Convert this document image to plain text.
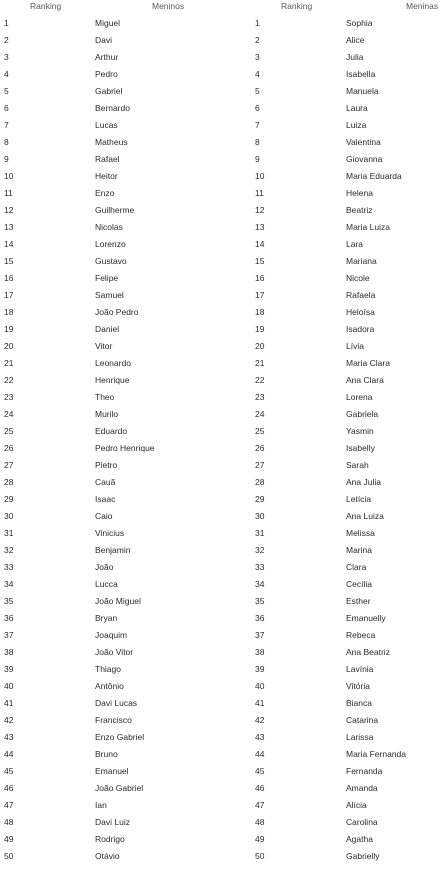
Ranking	Meninos	Ranking	Meninas
1	Miguel	1	Sophia
2	Davi	2	Alice
3	Arthur	3	Julia
4	Pedro	4	Isabella
5	Gabriel	5	Manuela
6	Bernardo	6	Laura
7	Lucas	7	Luiza
8	Matheus	8	Valentina
9	Rafael	9	Giovanna
10	Heitor	10	Maria Eduarda
11	Enzo	11	Helena
12	Guilherme	12	Beatriz
13	Nicolas	13	Maria Luiza
14	Lorenzo	14	Lara
15	Gustavo	15	Mariana
16	Felipe	16	Nicole
17	Samuel	17	Rafaela
18	João Pedro	18	Heloísa
19	Daniel	19	Isadora
20	Vitor	20	Lívia
21	Leonardo	21	Maria Clara
22	Henrique	22	Ana Clara
23	Theo	23	Lorena
24	Murilo	24	Gabriela
25	Eduardo	25	Yasmin
26	Pedro Henrique	26	Isabelly
27	Pietro	27	Sarah
28	Cauã	28	Ana Julia
29	Isaac	29	Letícia
30	Caio	30	Ana Luiza
31	Vinicius	31	Melissa
32	Benjamin	32	Marina
33	João	33	Clara
34	Lucca	34	Cecília
35	João Miguel	35	Esther
36	Bryan	36	Emanuelly
37	Joaquim	37	Rebeca
38	João Vitor	38	Ana Beatriz
39	Thiago	39	Lavínia
40	Antônio	40	Vitória
41	Davi Lucas	41	Bianca
42	Francisco	42	Catarina
43	Enzo Gabriel	43	Larissa
44	Bruno	44	Maria Fernanda
45	Emanuel	45	Fernanda
46	João Gabriel	46	Amanda
47	Ian	47	Alícia
48	Davi Luiz	48	Carolina
49	Rodrigo	49	Agatha
50	Otávio	50	Gabrielly
